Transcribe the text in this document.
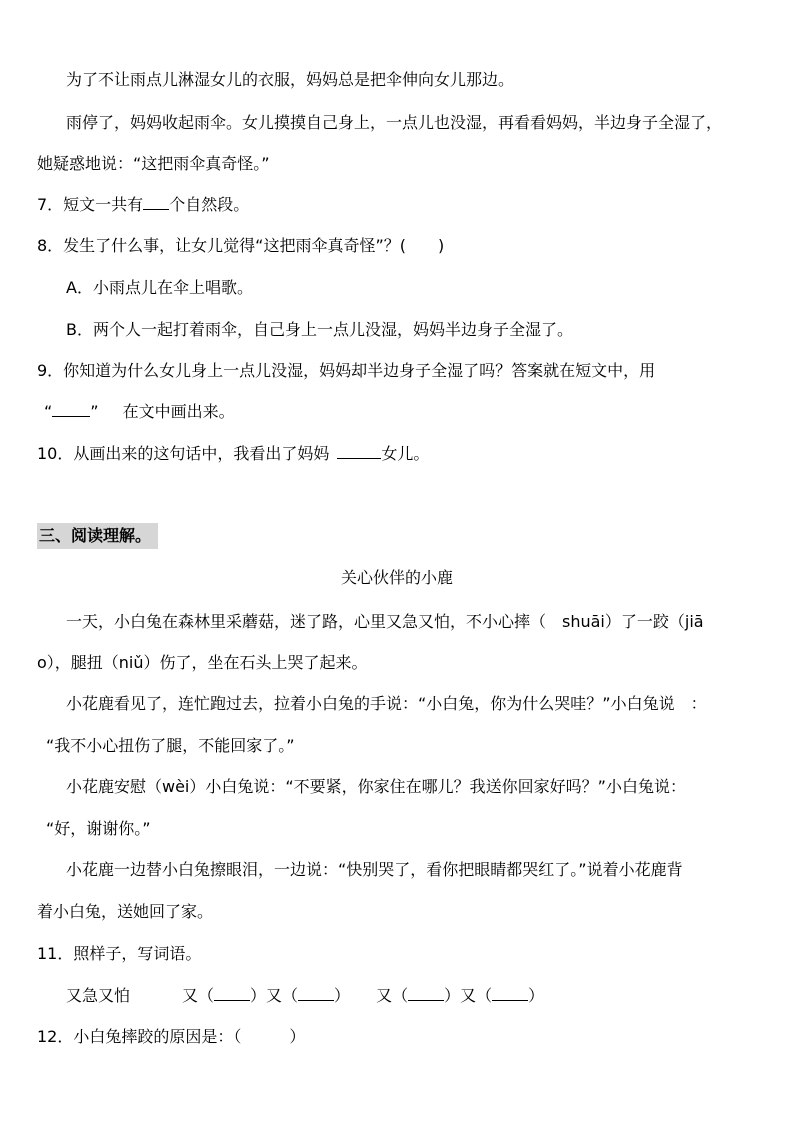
为了不让雨点儿淋湿女儿的衣服，妈妈总是把伞伸向女儿那边。
雨停了，妈妈收起雨伞。女儿摸摸自己身上，一点儿也没湿，再看看妈妈，半边身子全湿了，
她疑惑地说：“这把雨伞真奇怪。”
7．短文一共有 个自然段。
8．发生了什么事，让女儿觉得“这把雨伞真奇怪”？(　　)
A．小雨点儿在伞上唱歌。
B．两个人一起打着雨伞，自己身上一点儿没湿，妈妈半边身子全湿了。
9．你知道为什么女儿身上一点儿没湿，妈妈却半边身子全湿了吗？答案就在短文中，用
“ ” 在文中画出来。
10．从画出来的这句话中，我看出了妈妈	女儿。
三、阅读理解。
关心伙伴的小鹿
一天，小白兔在森林里采蘑菇，迷了路，心里又急又怕，不小心摔（　shuāi）了一跤（jiā
o），腿扭（niǔ）伤了，坐在石头上哭了起来。
小花鹿看见了，连忙跑过去，拉着小白兔的手说：“小白兔，你为什么哭哇？”小白兔说　：
“我不小心扭伤了腿，不能回家了。”
小花鹿安慰（wèi）小白兔说：“不要紧，你家住在哪儿？我送你回家好吗？”小白兔说：
“好，谢谢你。”
小花鹿一边替小白兔擦眼泪，一边说：“快别哭了，看你把眼睛都哭红了。”说着小花鹿背
着小白兔，送她回了家。
11．照样子，写词语。
又急又怕	又（ ）又（ ） 又（ ）又（ ）
12．小白兔摔跤的原因是：（　　　）
